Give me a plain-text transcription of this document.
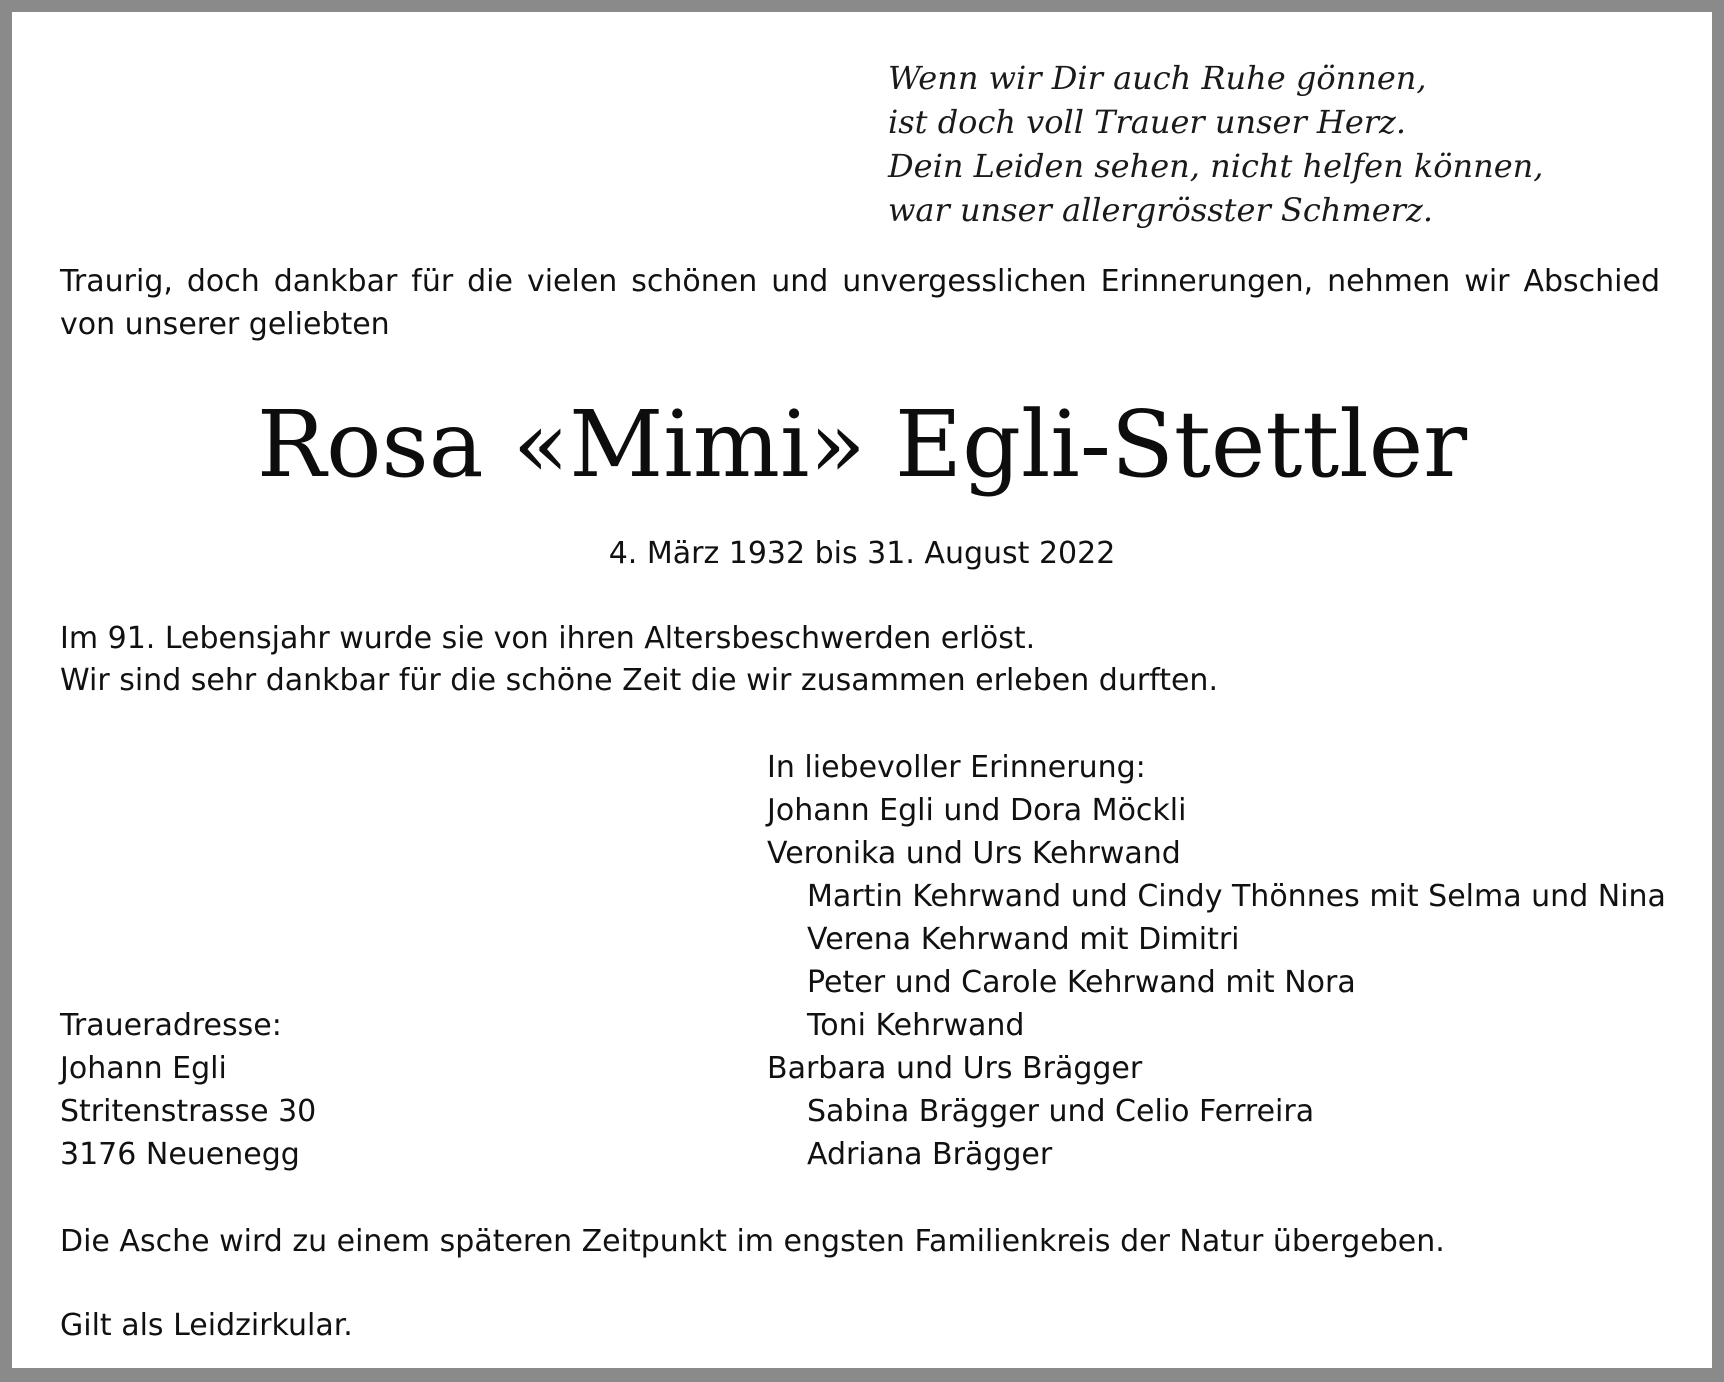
Wenn wir Dir auch Ruhe gönnen,
ist doch voll Trauer unser Herz.
Dein Leiden sehen, nicht helfen können,
war unser allergrösster Schmerz.
Traurig, doch dankbar für die vielen schönen und unvergesslichen Erinnerungen, nehmen wir Abschied von unserer geliebten
Rosa «Mimi» Egli-Stettler
4. März 1932 bis 31. August 2022
Im 91. Lebensjahr wurde sie von ihren Altersbeschwerden erlöst.
Wir sind sehr dankbar für die schöne Zeit die wir zusammen erleben durften.
In liebevoller Erinnerung:
Johann Egli und Dora Möckli
Veronika und Urs Kehrwand
Martin Kehrwand und Cindy Thönnes mit Selma und Nina
Verena Kehrwand mit Dimitri
Peter und Carole Kehrwand mit Nora
Toni Kehrwand
Barbara und Urs Brägger
Sabina Brägger und Celio Ferreira
Adriana Brägger
Traueradresse:
Johann Egli
Stritenstrasse 30
3176 Neuenegg
Die Asche wird zu einem späteren Zeitpunkt im engsten Familienkreis der Natur übergeben.
Gilt als Leidzirkular.
